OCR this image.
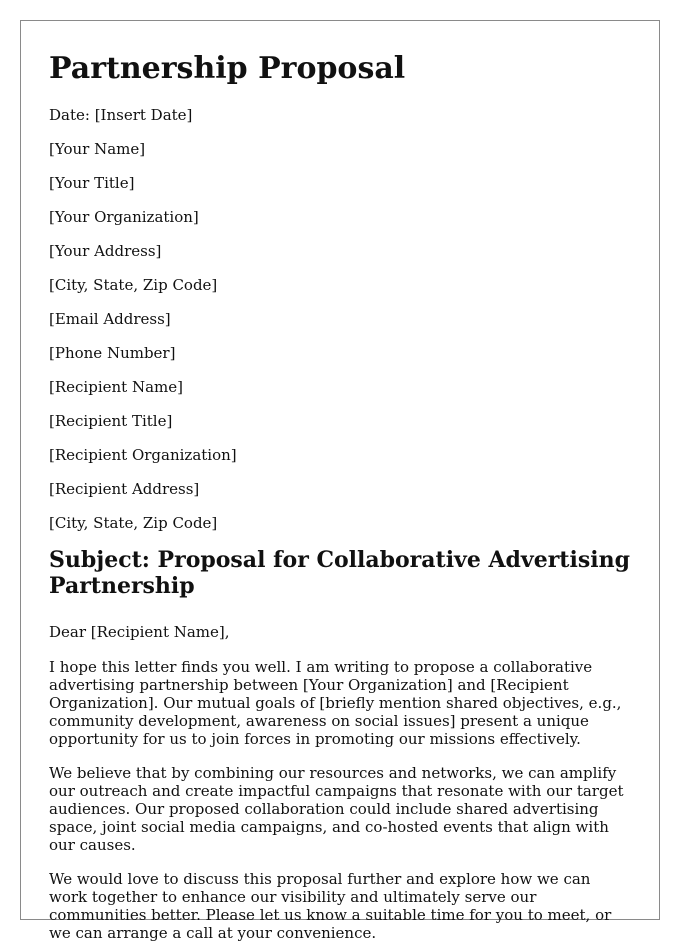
Partnership Proposal

Date: [Insert Date]

[Your Name]

[Your Title]

[Your Organization]

[Your Address]

[City, State, Zip Code]

[Email Address]

[Phone Number]

[Recipient Name]

[Recipient Title]

[Recipient Organization]

[Recipient Address]

[City, State, Zip Code]

Subject: Proposal for Collaborative Advertising Partnership
Dear [Recipient Name],
I hope this letter finds you well. I am writing to propose a collaborative advertising partnership between [Your Organization] and [Recipient Organization]. Our mutual goals of [briefly mention shared objectives, e.g., community development, awareness on social issues] present a unique opportunity for us to join forces in promoting our missions effectively.
We believe that by combining our resources and networks, we can amplify our outreach and create impactful campaigns that resonate with our target audiences. Our proposed collaboration could include shared advertising space, joint social media campaigns, and co-hosted events that align with our causes.
We would love to discuss this proposal further and explore how we can work together to enhance our visibility and ultimately serve our communities better. Please let us know a suitable time for you to meet, or we can arrange a call at your convenience.
